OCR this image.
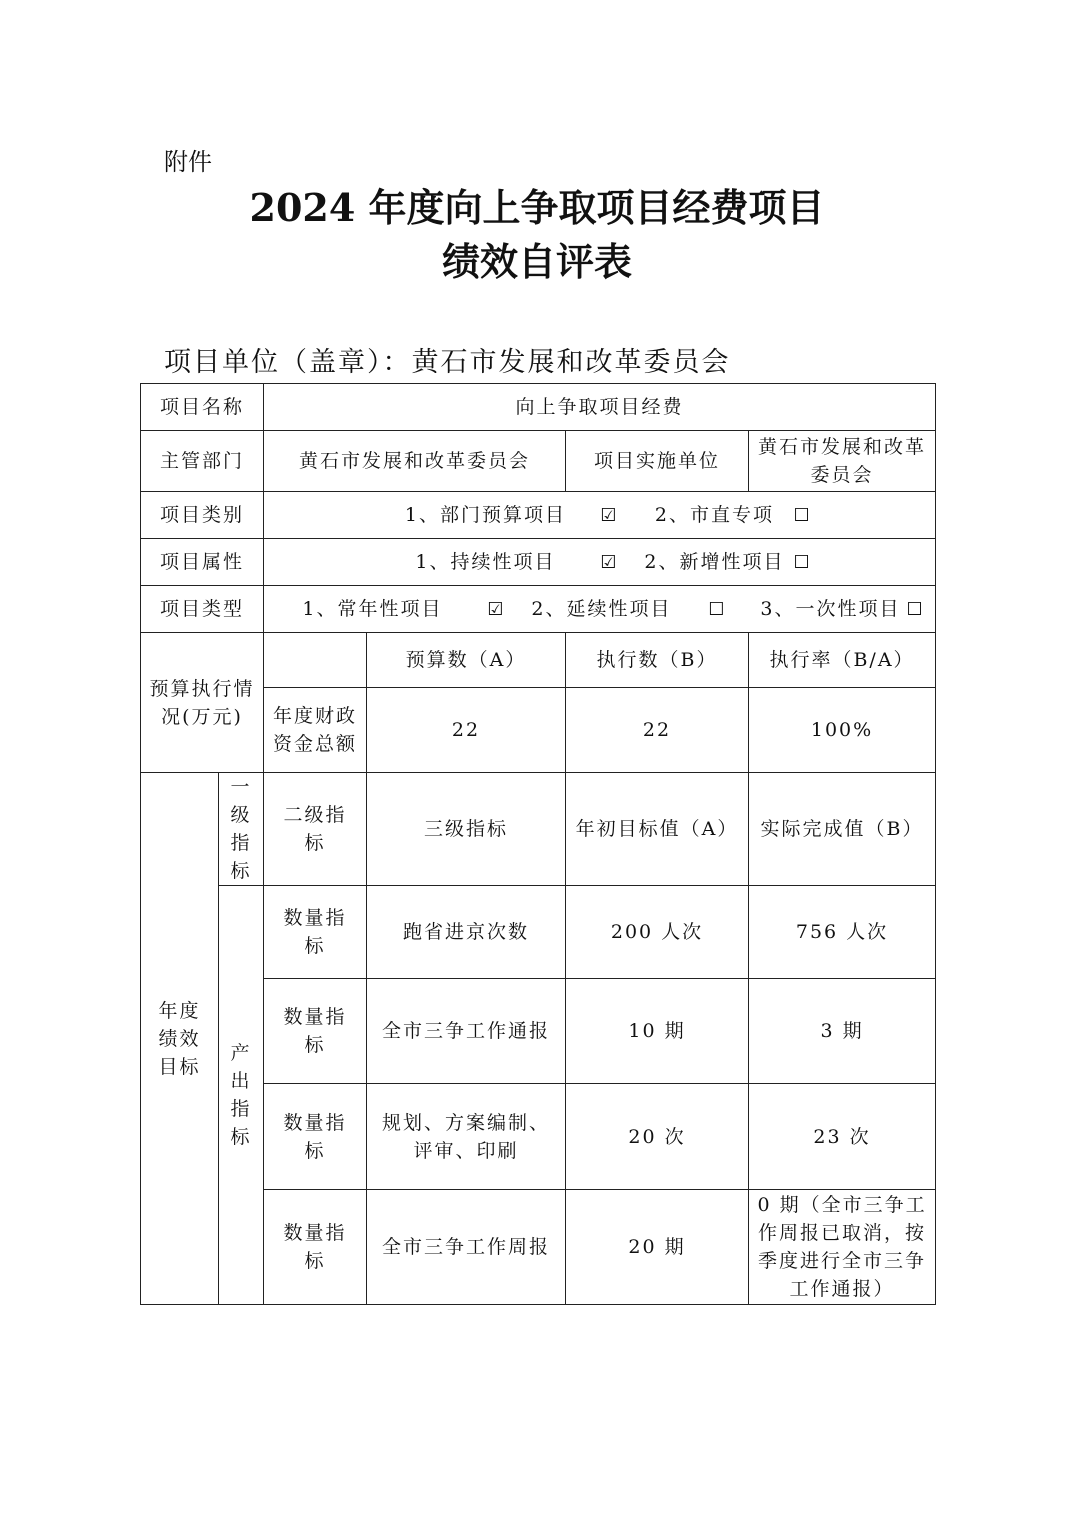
附件
2024 年度向上争取项目经费项目
绩效自评表
项目单位（盖章）：黄石市发展和改革委员会
项目名称		向上争取项目经费			
主管部门		黄石市发展和改革委员会		项目实施单位	黄石市发展和改革委员会
项目类别		1、部门预算项目 ☑ 2、市直专项 ☐			
项目属性		1、持续性项目 ☑ 2、新增性项目 ☐			
项目类型		1、常年性项目 ☑ 2、延续性项目 ☐ 3、一次性项目 ☐			
预算执行情况(万元)			预算数（A）	执行数（B）	执行率（B/A）
		年度财政资金总额	22	22	100%
年度绩效目标	一级指标	二级指标	三级指标	年初目标值（A）	实际完成值（B）
	产出指标	数量指标	跑省进京次数	200 人次	756 人次
		数量指标	全市三争工作通报	10 期	3 期
		数量指标	规划、方案编制、评审、印刷	20 次	23 次
		数量指标	全市三争工作周报	20 期	0 期（全市三争工作周报已取消，按季度进行全市三争工作通报）
